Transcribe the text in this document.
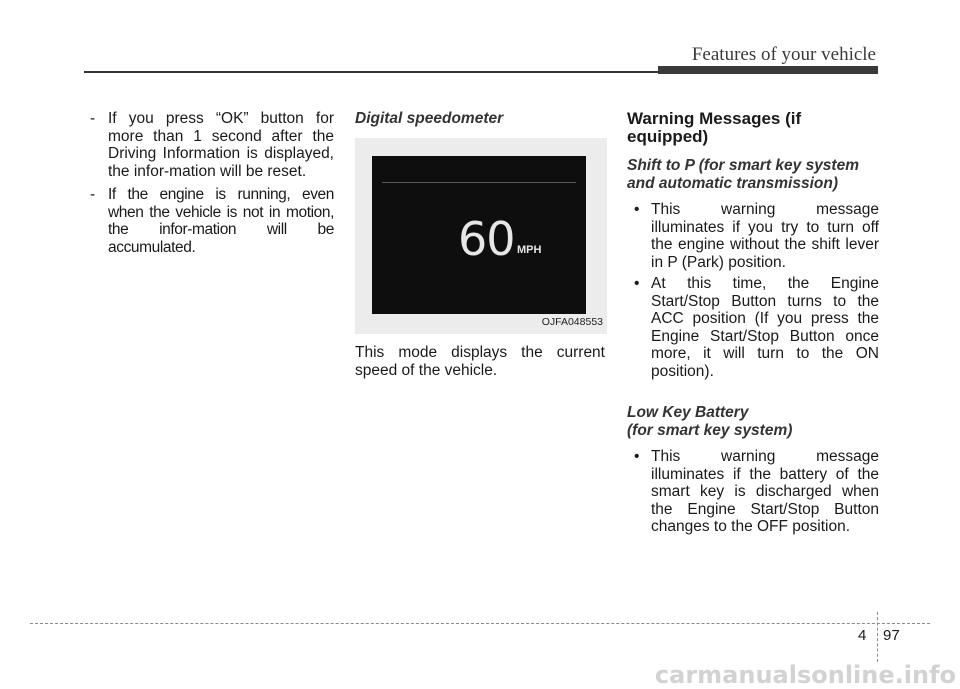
Features of your vehicle
- If you press “OK” button for more than 1 second after the Driving Information is displayed, the infor-mation will be reset.
- If the engine is running, even when the vehicle is not in motion, the infor-mation will be accumulated.
Digital speedometer
60 MPH
OJFA048553
This mode displays the current speed of the vehicle.
Warning Messages (if equipped)
Shift to P (for smart key system
and automatic transmission)
• This warning message illuminates if you try to turn off the engine without the shift lever in P (Park) position.
• At this time, the Engine Start/Stop Button turns to the ACC position (If you press the Engine Start/Stop Button once more, it will turn to the ON position).
Low Key Battery
(for smart key system)
• This warning message illuminates if the battery of the smart key is discharged when the Engine Start/Stop Button changes to the OFF position.
4 97
carmanualsonline.info
